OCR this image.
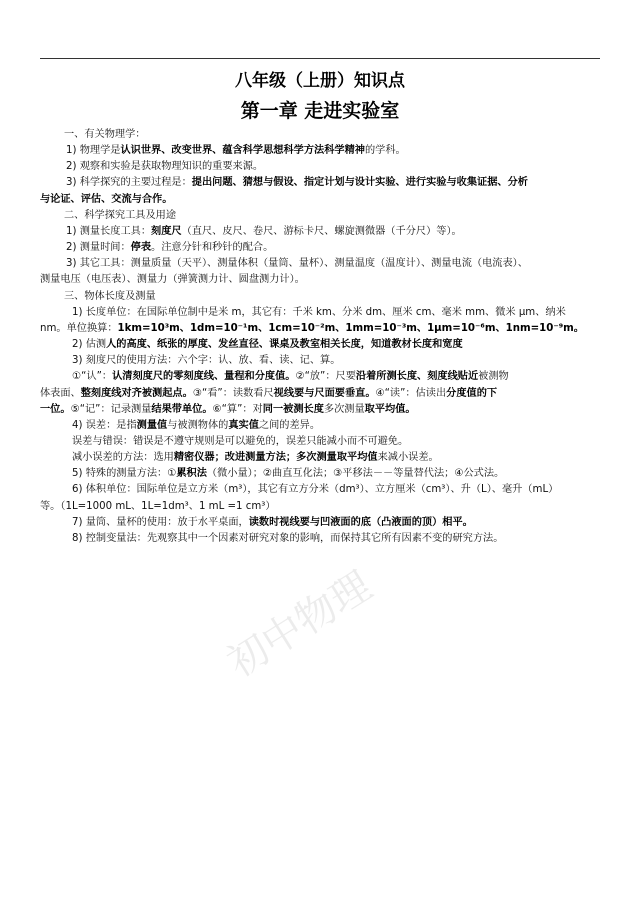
八年级（上册）知识点
第一章 走进实验室
一、有关物理学：
1) 物理学是认识世界、改变世界、蕴含科学思想科学方法科学精神的学科。
2) 观察和实验是获取物理知识的重要来源。
3) 科学探究的主要过程是：提出问题、猜想与假设、指定计划与设计实验、进行实验与收集证据、分析
与论证、评估、交流与合作。
二、科学探究工具及用途
1) 测量长度工具：刻度尺（直尺、皮尺、卷尺、游标卡尺、螺旋测微器（千分尺）等）。
2) 测量时间：停表。注意分针和秒针的配合。
3) 其它工具：测量质量（天平）、测量体积（量筒、量杯）、测量温度（温度计）、测量电流（电流表）、
测量电压（电压表）、测量力（弹簧测力计、圆盘测力计）。
三、物体长度及测量
1) 长度单位：在国际单位制中是米 m，其它有：千米 km、分米 dm、厘米 cm、毫米 mm、微米 μm、纳米
nm。单位换算：1km=10³m、1dm=10⁻¹m、1cm=10⁻²m、1mm=10⁻³m、1μm=10⁻⁶m、1nm=10⁻⁹m。
2) 估测人的高度、纸张的厚度、发丝直径、课桌及教室相关长度，知道教材长度和宽度
3) 刻度尺的使用方法：六个字：认、放、看、读、记、算。
①“认”：认清刻度尺的零刻度线、量程和分度值。②“放”：尺要沿着所测长度、刻度线贴近被测物
体表面、整刻度线对齐被测起点。③“看”：读数看尺视线要与尺面要垂直。④“读”：估读出分度值的下
一位。⑤“记”：记录测量结果带单位。⑥“算”：对同一被测长度多次测量取平均值。
4) 误差：是指测量值与被测物体的真实值之间的差异。
误差与错误：错误是不遵守规则是可以避免的，误差只能减小而不可避免。
减小误差的方法：选用精密仪器；改进测量方法；多次测量取平均值来减小误差。
5) 特殊的测量方法：①累积法（微小量）；②曲直互化法；③平移法－－等量替代法；④公式法。
6) 体积单位：国际单位是立方米（m³），其它有立方分米（dm³）、立方厘米（cm³）、升（L）、毫升（mL）
等。（1L=1000 mL、1L=1dm³、1 mL =1 cm³）
7) 量筒、量杯的使用：放于水平桌面，读数时视线要与凹液面的底（凸液面的顶）相平。
8) 控制变量法：先观察其中一个因素对研究对象的影响，而保持其它所有因素不变的研究方法。
初中物理
